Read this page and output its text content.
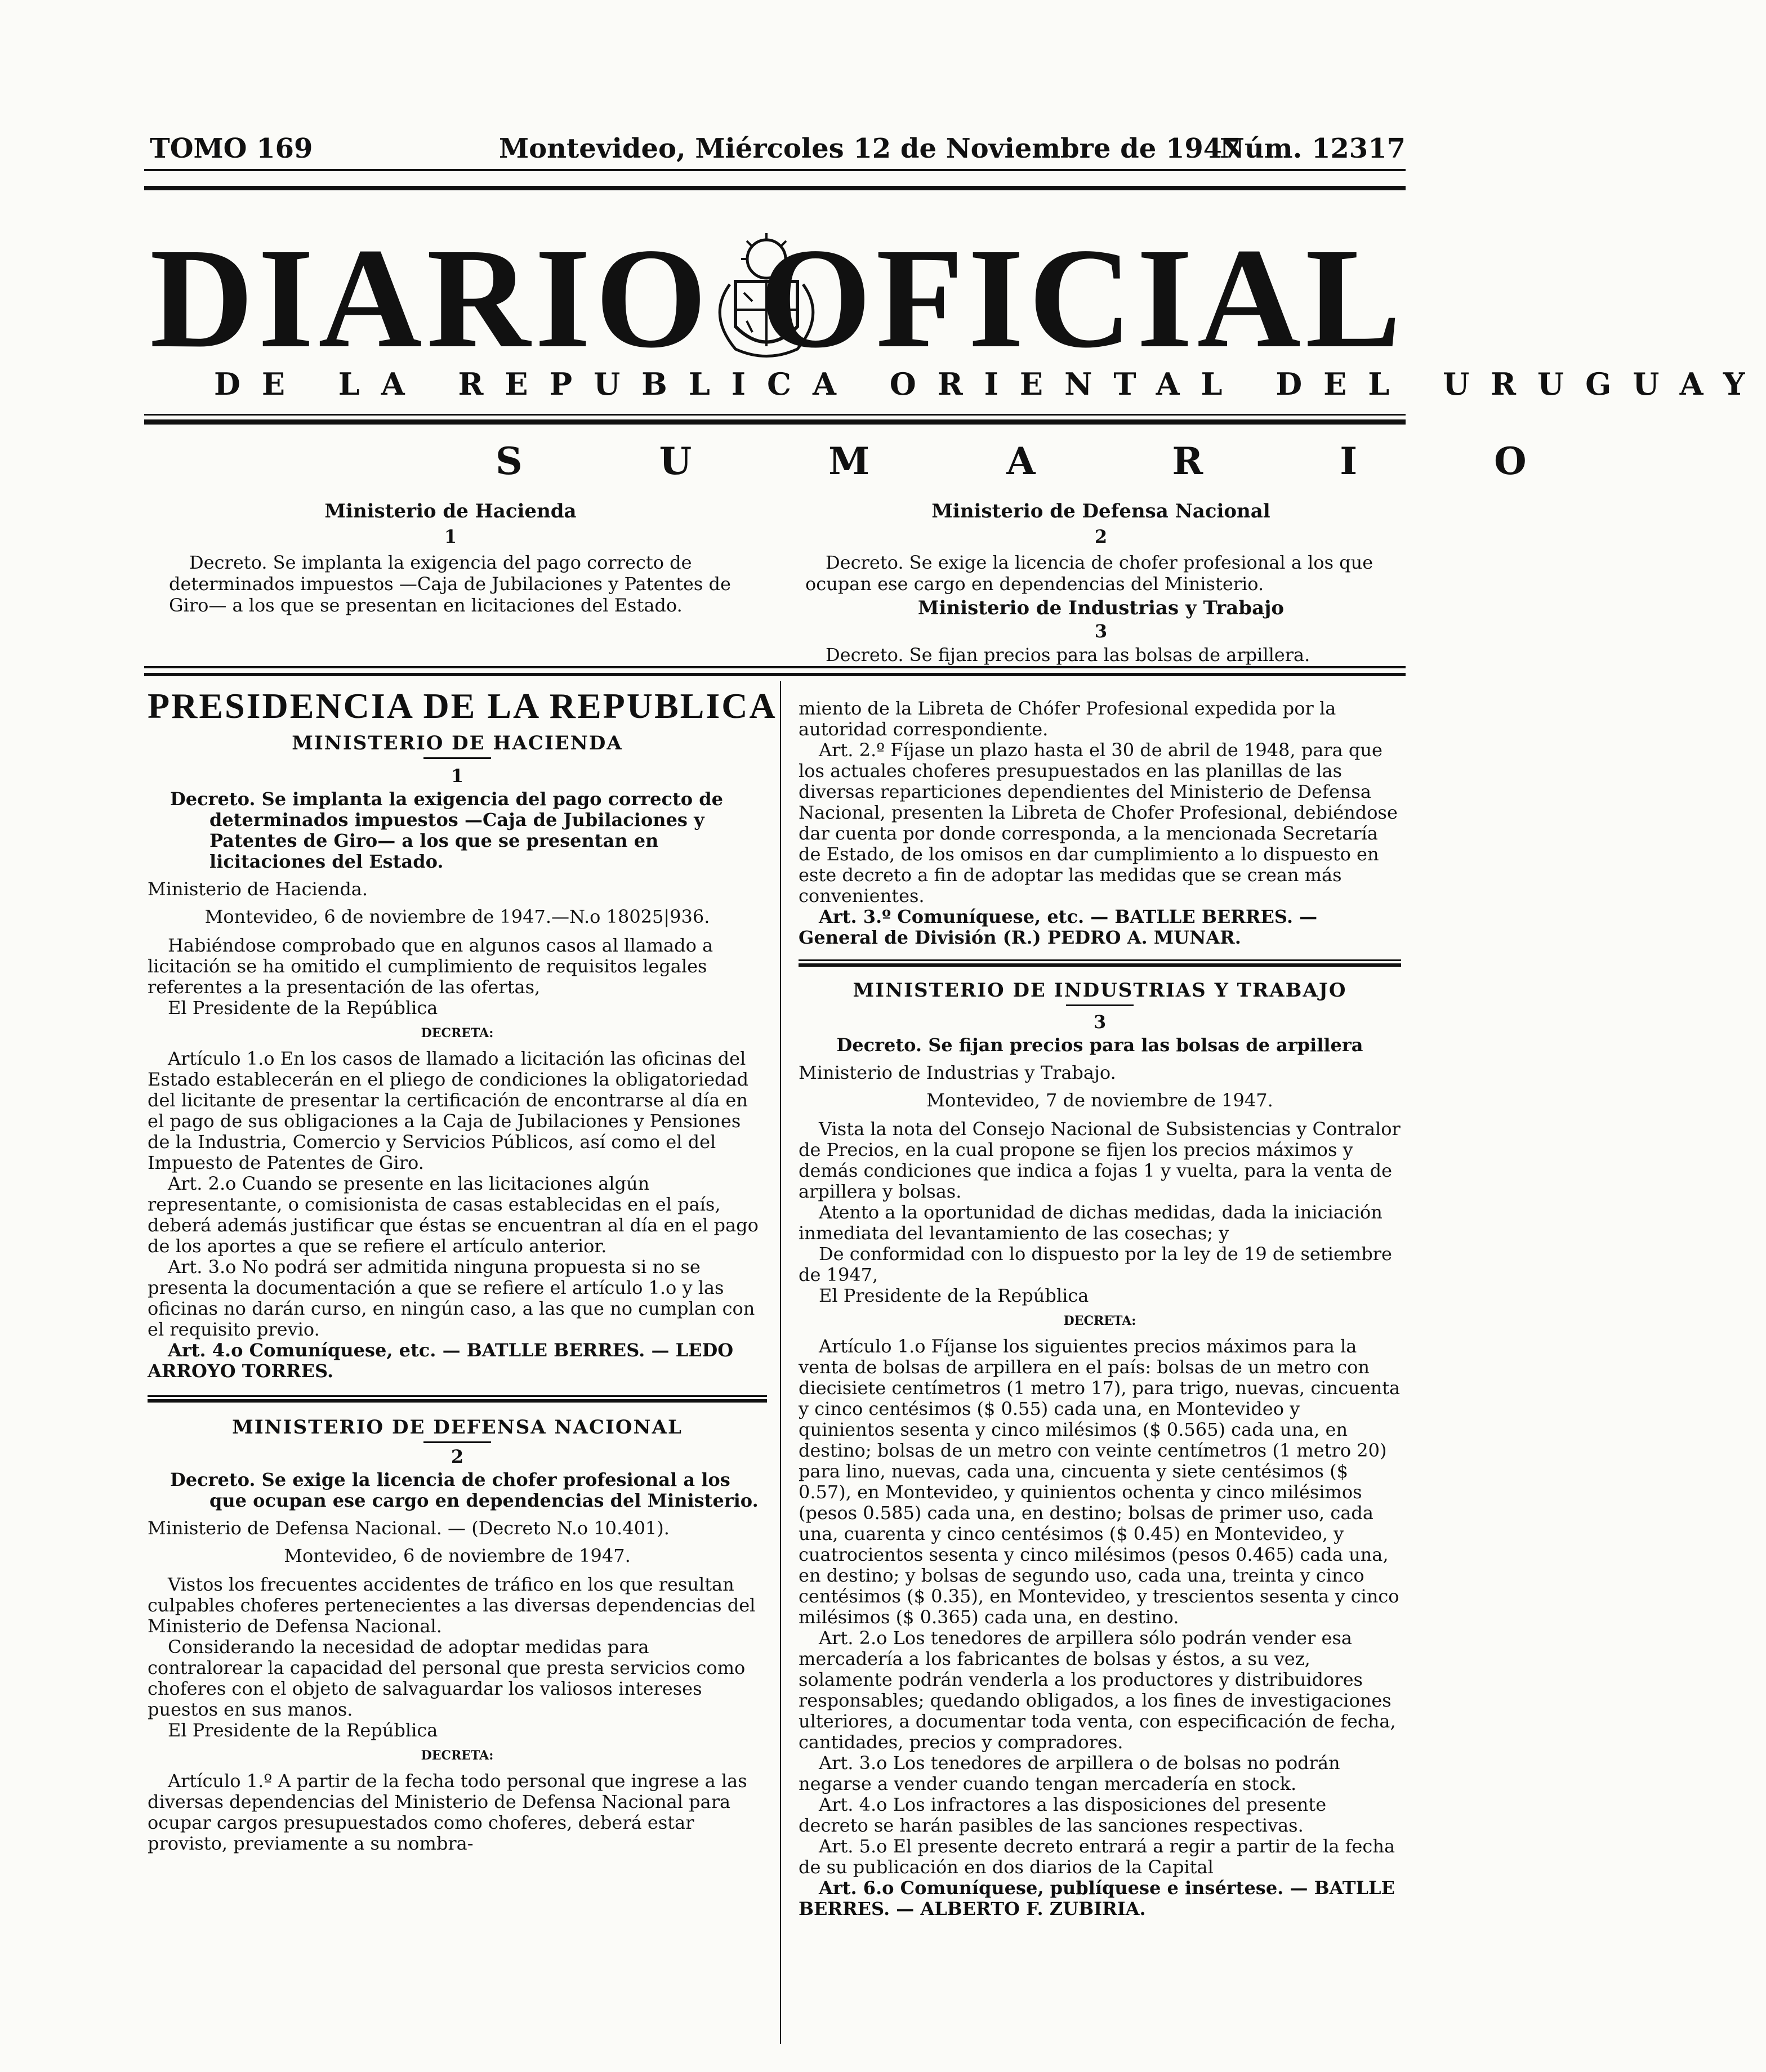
TOMO 169	Montevideo, Miércoles 12 de Noviembre de 1947
Núm. 12317
DIARIO OFICIAL
DE LA REPUBLICA ORIENTAL DEL URUGUAY
S U M A R I O
Ministerio de Hacienda
1

Decreto. Se implanta la exigencia del pago correcto de determinados impuestos —Caja de Jubilaciones y Patentes de Giro— a los que se presentan en licitaciones del Estado.

Ministerio de Defensa Nacional
2

Decreto. Se exige la licencia de chofer profesional a los que ocupan ese cargo en dependencias del Ministerio.

Ministerio de Industrias y Trabajo
3

Decreto. Se fijan precios para las bolsas de arpillera.

PRESIDENCIA DE LA REPUBLICA
MINISTERIO DE HACIENDA
1

Decreto. Se implanta la exigencia del pago correcto de determinados impuestos —Caja de Jubilaciones y Patentes de Giro— a los que se presentan en licitaciones del Estado.

Ministerio de Hacienda.

Montevideo, 6 de noviembre de 1947.—N.o 18025|936.

Habiéndose comprobado que en algunos casos al llamado a licitación se ha omitido el cumplimiento de requisitos legales referentes a la presentación de las ofertas,

El Presidente de la República

DECRETA:

Artículo 1.o En los casos de llamado a licitación las oficinas del Estado establecerán en el pliego de condiciones la obligatoriedad del licitante de presentar la certificación de encontrarse al día en el pago de sus obligaciones a la Caja de Jubilaciones y Pensiones de la Industria, Comercio y Servicios Públicos, así como el del Impuesto de Patentes de Giro.

Art. 2.o Cuando se presente en las licitaciones algún representante, o comisionista de casas establecidas en el país, deberá además justificar que éstas se encuentran al día en el pago de los aportes a que se refiere el artículo anterior.

Art. 3.o No podrá ser admitida ninguna propuesta si no se presenta la documentación a que se refiere el artículo 1.o y las oficinas no darán curso, en ningún caso, a las que no cumplan con el requisito previo.

Art. 4.o Comuníquese, etc. — BATLLE BERRES. — LEDO ARROYO TORRES.

MINISTERIO DE DEFENSA NACIONAL
2

Decreto. Se exige la licencia de chofer profesional a los que ocupan ese cargo en dependencias del Ministerio.

Ministerio de Defensa Nacional. — (Decreto N.o 10.401).

Montevideo, 6 de noviembre de 1947.

Vistos los frecuentes accidentes de tráfico en los que resultan culpables choferes pertenecientes a las diversas dependencias del Ministerio de Defensa Nacional.

Considerando la necesidad de adoptar medidas para contralorear la capacidad del personal que presta servicios como choferes con el objeto de salvaguardar los valiosos intereses puestos en sus manos.

El Presidente de la República

DECRETA:

Artículo 1.º A partir de la fecha todo personal que ingrese a las diversas dependencias del Ministerio de Defensa Nacional para ocupar cargos presupuestados como choferes, deberá estar provisto, previamente a su nombra-

miento de la Libreta de Chófer Profesional expedida por la autoridad correspondiente.

Art. 2.º Fíjase un plazo hasta el 30 de abril de 1948, para que los actuales choferes presupuestados en las planillas de las diversas reparticiones dependientes del Ministerio de Defensa Nacional, presenten la Libreta de Chofer Profesional, debiéndose dar cuenta por donde corresponda, a la mencionada Secretaría de Estado, de los omisos en dar cumplimiento a lo dispuesto en este decreto a fin de adoptar las medidas que se crean más convenientes.

Art. 3.º Comuníquese, etc. — BATLLE BERRES. — General de División (R.) PEDRO A. MUNAR.

MINISTERIO DE INDUSTRIAS Y TRABAJO
3

Decreto. Se fijan precios para las bolsas de arpillera

Ministerio de Industrias y Trabajo.

Montevideo, 7 de noviembre de 1947.

Vista la nota del Consejo Nacional de Subsistencias y Contralor de Precios, en la cual propone se fijen los precios máximos y demás condiciones que indica a fojas 1 y vuelta, para la venta de arpillera y bolsas.

Atento a la oportunidad de dichas medidas, dada la iniciación inmediata del levantamiento de las cosechas; y

De conformidad con lo dispuesto por la ley de 19 de setiembre de 1947,

El Presidente de la República

DECRETA:

Artículo 1.o Fíjanse los siguientes precios máximos para la venta de bolsas de arpillera en el país: bolsas de un metro con diecisiete centímetros (1 metro 17), para trigo, nuevas, cincuenta y cinco centésimos ($ 0.55) cada una, en Montevideo y quinientos sesenta y cinco milésimos ($ 0.565) cada una, en destino; bolsas de un metro con veinte centímetros (1 metro 20) para lino, nuevas, cada una, cincuenta y siete centésimos ($ 0.57), en Montevideo, y quinientos ochenta y cinco milésimos (pesos 0.585) cada una, en destino; bolsas de primer uso, cada una, cuarenta y cinco centésimos ($ 0.45) en Montevideo, y cuatrocientos sesenta y cinco milésimos (pesos 0.465) cada una, en destino; y bolsas de segundo uso, cada una, treinta y cinco centésimos ($ 0.35), en Montevideo, y trescientos sesenta y cinco milésimos ($ 0.365) cada una, en destino.

Art. 2.o Los tenedores de arpillera sólo podrán vender esa mercadería a los fabricantes de bolsas y éstos, a su vez, solamente podrán venderla a los productores y distribuidores responsables; quedando obligados, a los fines de investigaciones ulteriores, a documentar toda venta, con especificación de fecha, cantidades, precios y compradores.

Art. 3.o Los tenedores de arpillera o de bolsas no podrán negarse a vender cuando tengan mercadería en stock.

Art. 4.o Los infractores a las disposiciones del presente decreto se harán pasibles de las sanciones respectivas.

Art. 5.o El presente decreto entrará a regir a partir de la fecha de su publicación en dos diarios de la Capital

Art. 6.o Comuníquese, publíquese e insértese. — BATLLE BERRES. — ALBERTO F. ZUBIRIA.
